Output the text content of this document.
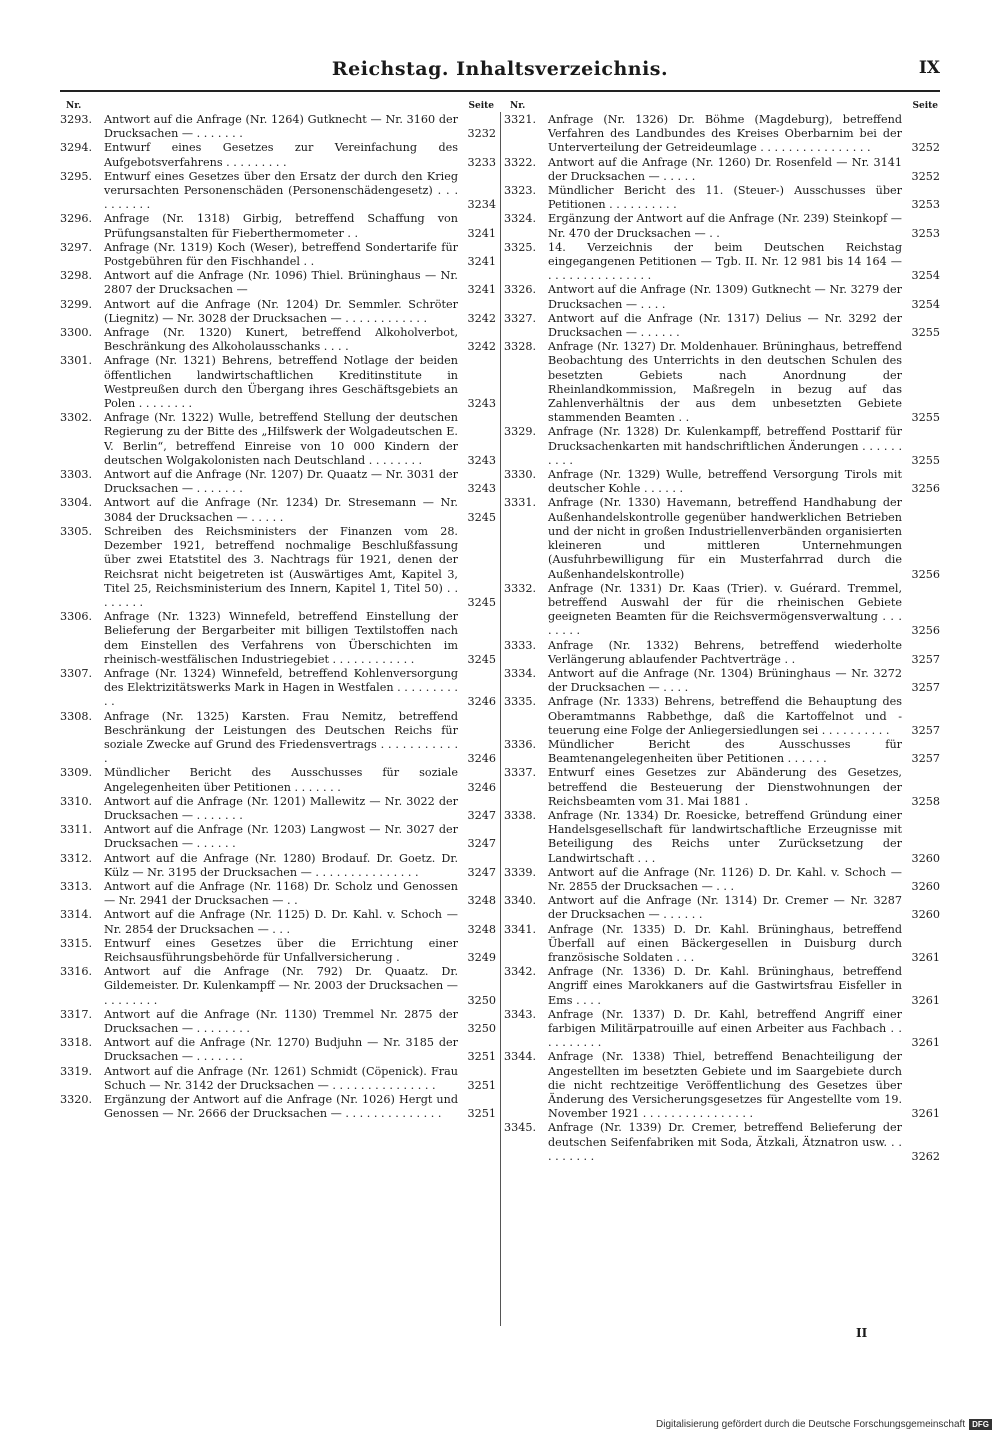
Reichstag. Inhaltsverzeichnis.	IX
Nr.	Seite
3293. Antwort auf die Anfrage (Nr. 1264) Gutknecht — Nr. 3160 der Drucksachen — . . . . . . .	3232
3294. Entwurf eines Gesetzes zur Vereinfachung des Aufgebotsverfahrens . . . . . . . . .	3233
3295. Entwurf eines Gesetzes über den Ersatz der durch den Krieg verursachten Personenschäden (Personenschädengesetz) . . . . . . . . . .	3234
3296. Anfrage (Nr. 1318) Girbig, betreffend Schaffung von Prüfungsanstalten für Fieberthermometer . .	3241
3297. Anfrage (Nr. 1319) Koch (Weser), betreffend Sondertarife für Postgebühren für den Fischhandel . .	3241
3298. Antwort auf die Anfrage (Nr. 1096) Thiel. Brüninghaus — Nr. 2807 der Drucksachen —	3241
3299. Antwort auf die Anfrage (Nr. 1204) Dr. Semmler. Schröter (Liegnitz) — Nr. 3028 der Drucksachen — . . . . . . . . . . . .	3242
3300. Anfrage (Nr. 1320) Kunert, betreffend Alkoholverbot, Beschränkung des Alkoholausschanks . . . .	3242
3301. Anfrage (Nr. 1321) Behrens, betreffend Notlage der beiden öffentlichen landwirtschaftlichen Kreditinstitute in Westpreußen durch den Übergang ihres Geschäftsgebiets an Polen . . . . . . . .	3243
3302. Anfrage (Nr. 1322) Wulle, betreffend Stellung der deutschen Regierung zu der Bitte des „Hilfswerk der Wolgadeutschen E. V. Berlin“, betreffend Einreise von 10 000 Kindern der deutschen Wolgakolonisten nach Deutschland . . . . . . . .	3243
3303. Antwort auf die Anfrage (Nr. 1207) Dr. Quaatz — Nr. 3031 der Drucksachen — . . . . . . .	3243
3304. Antwort auf die Anfrage (Nr. 1234) Dr. Stresemann — Nr. 3084 der Drucksachen — . . . . .	3245
3305. Schreiben des Reichsministers der Finanzen vom 28. Dezember 1921, betreffend nochmalige Beschlußfassung über zwei Etatstitel des 3. Nachtrags für 1921, denen der Reichsrat nicht beigetreten ist (Auswärtiges Amt, Kapitel 3, Titel 25, Reichsministerium des Innern, Kapitel 1, Titel 50) . . . . . . . .	3245
3306. Anfrage (Nr. 1323) Winnefeld, betreffend Einstellung der Belieferung der Bergarbeiter mit billigen Textilstoffen nach dem Einstellen des Verfahrens von Überschichten im rheinisch-westfälischen Industriegebiet . . . . . . . . . . . .	3245
3307. Anfrage (Nr. 1324) Winnefeld, betreffend Kohlenversorgung des Elektrizitätswerks Mark in Hagen in Westfalen . . . . . . . . . . .	3246
3308. Anfrage (Nr. 1325) Karsten. Frau Nemitz, betreffend Beschränkung der Leistungen des Deutschen Reichs für soziale Zwecke auf Grund des Friedensvertrags . . . . . . . . . . . .	3246
3309. Mündlicher Bericht des Ausschusses für soziale Angelegenheiten über Petitionen . . . . . . .	3246
3310. Antwort auf die Anfrage (Nr. 1201) Mallewitz — Nr. 3022 der Drucksachen — . . . . . . .	3247
3311. Antwort auf die Anfrage (Nr. 1203) Langwost — Nr. 3027 der Drucksachen — . . . . . .	3247
3312. Antwort auf die Anfrage (Nr. 1280) Brodauf. Dr. Goetz. Dr. Külz — Nr. 3195 der Drucksachen — . . . . . . . . . . . . . . .	3247
3313. Antwort auf die Anfrage (Nr. 1168) Dr. Scholz und Genossen — Nr. 2941 der Drucksachen — . .	3248
3314. Antwort auf die Anfrage (Nr. 1125) D. Dr. Kahl. v. Schoch — Nr. 2854 der Drucksachen — . . .	3248
3315. Entwurf eines Gesetzes über die Errichtung einer Reichsausführungsbehörde für Unfallversicherung .	3249
3316. Antwort auf die Anfrage (Nr. 792) Dr. Quaatz. Dr. Gildemeister. Dr. Kulenkampff — Nr. 2003 der Drucksachen — . . . . . . . .	3250
3317. Antwort auf die Anfrage (Nr. 1130) Tremmel Nr. 2875 der Drucksachen — . . . . . . . .	3250
3318. Antwort auf die Anfrage (Nr. 1270) Budjuhn — Nr. 3185 der Drucksachen — . . . . . . .	3251
3319. Antwort auf die Anfrage (Nr. 1261) Schmidt (Cöpenick). Frau Schuch — Nr. 3142 der Drucksachen — . . . . . . . . . . . . . . .	3251
3320. Ergänzung der Antwort auf die Anfrage (Nr. 1026) Hergt und Genossen — Nr. 2666 der Drucksachen — . . . . . . . . . . . . . .	3251
Nr.	Seite
3321. Anfrage (Nr. 1326) Dr. Böhme (Magdeburg), betreffend Verfahren des Landbundes des Kreises Oberbarnim bei der Unterverteilung der Getreideumlage . . . . . . . . . . . . . . . .	3252
3322. Antwort auf die Anfrage (Nr. 1260) Dr. Rosenfeld — Nr. 3141 der Drucksachen — . . . . .	3252
3323. Mündlicher Bericht des 11. (Steuer-) Ausschusses über Petitionen . . . . . . . . . .	3253
3324. Ergänzung der Antwort auf die Anfrage (Nr. 239) Steinkopf — Nr. 470 der Drucksachen — . .	3253
3325. 14. Verzeichnis der beim Deutschen Reichstag eingegangenen Petitionen — Tgb. II. Nr. 12 981 bis 14 164 — . . . . . . . . . . . . . . .	3254
3326. Antwort auf die Anfrage (Nr. 1309) Gutknecht — Nr. 3279 der Drucksachen — . . . .	3254
3327. Antwort auf die Anfrage (Nr. 1317) Delius — Nr. 3292 der Drucksachen — . . . . . .	3255
3328. Anfrage (Nr. 1327) Dr. Moldenhauer. Brüninghaus, betreffend Beobachtung des Unterrichts in den deutschen Schulen des besetzten Gebiets nach Anordnung der Rheinlandkommission, Maßregeln in bezug auf das Zahlenverhältnis der aus dem unbesetzten Gebiete stammenden Beamten . .	3255
3329. Anfrage (Nr. 1328) Dr. Kulenkampff, betreffend Posttarif für Drucksachenkarten mit handschriftlichen Änderungen . . . . . . . . . .	3255
3330. Anfrage (Nr. 1329) Wulle, betreffend Versorgung Tirols mit deutscher Kohle . . . . . .	3256
3331. Anfrage (Nr. 1330) Havemann, betreffend Handhabung der Außenhandelskontrolle gegenüber handwerklichen Betrieben und der nicht in großen Industriellenverbänden organisierten kleineren und mittleren Unternehmungen (Ausfuhrbewilligung für ein Musterfahrrad durch die Außenhandelskontrolle)	3256
3332. Anfrage (Nr. 1331) Dr. Kaas (Trier). v. Guérard. Tremmel, betreffend Auswahl der für die rheinischen Gebiete geeigneten Beamten für die Reichsvermögensverwaltung . . . . . . . .	3256
3333. Anfrage (Nr. 1332) Behrens, betreffend wiederholte Verlängerung ablaufender Pachtverträge . .	3257
3334. Antwort auf die Anfrage (Nr. 1304) Brüninghaus — Nr. 3272 der Drucksachen — . . . .	3257
3335. Anfrage (Nr. 1333) Behrens, betreffend die Behauptung des Oberamtmanns Rabbethge, daß die Kartoffelnot und -teuerung eine Folge der Anliegersiedlungen sei . . . . . . . . . .	3257
3336. Mündlicher Bericht des Ausschusses für Beamtenangelegenheiten über Petitionen . . . . . .	3257
3337. Entwurf eines Gesetzes zur Abänderung des Gesetzes, betreffend die Besteuerung der Dienstwohnungen der Reichsbeamten vom 31. Mai 1881 .	3258
3338. Anfrage (Nr. 1334) Dr. Roesicke, betreffend Gründung einer Handelsgesellschaft für landwirtschaftliche Erzeugnisse mit Beteiligung des Reichs unter Zurücksetzung der Landwirtschaft . . .	3260
3339. Antwort auf die Anfrage (Nr. 1126) D. Dr. Kahl. v. Schoch — Nr. 2855 der Drucksachen — . . .	3260
3340. Antwort auf die Anfrage (Nr. 1314) Dr. Cremer — Nr. 3287 der Drucksachen — . . . . . .	3260
3341. Anfrage (Nr. 1335) D. Dr. Kahl. Brüninghaus, betreffend Überfall auf einen Bäckergesellen in Duisburg durch französische Soldaten . . .	3261
3342. Anfrage (Nr. 1336) D. Dr. Kahl. Brüninghaus, betreffend Angriff eines Marokkaners auf die Gastwirtsfrau Eisfeller in Ems . . . .	3261
3343. Anfrage (Nr. 1337) D. Dr. Kahl, betreffend Angriff einer farbigen Militärpatrouille auf einen Arbeiter aus Fachbach . . . . . . . . . .	3261
3344. Anfrage (Nr. 1338) Thiel, betreffend Benachteiligung der Angestellten im besetzten Gebiete und im Saargebiete durch die nicht rechtzeitige Veröffentlichung des Gesetzes über Änderung des Versicherungsgesetzes für Angestellte vom 19. November 1921 . . . . . . . . . . . . . . . .	3261
3345. Anfrage (Nr. 1339) Dr. Cremer, betreffend Belieferung der deutschen Seifenfabriken mit Soda, Ätzkali, Ätznatron usw. . . . . . . . . .	3262
II
Digitalisierung gefördert durch die Deutsche Forschungsgemeinschaft DFG
